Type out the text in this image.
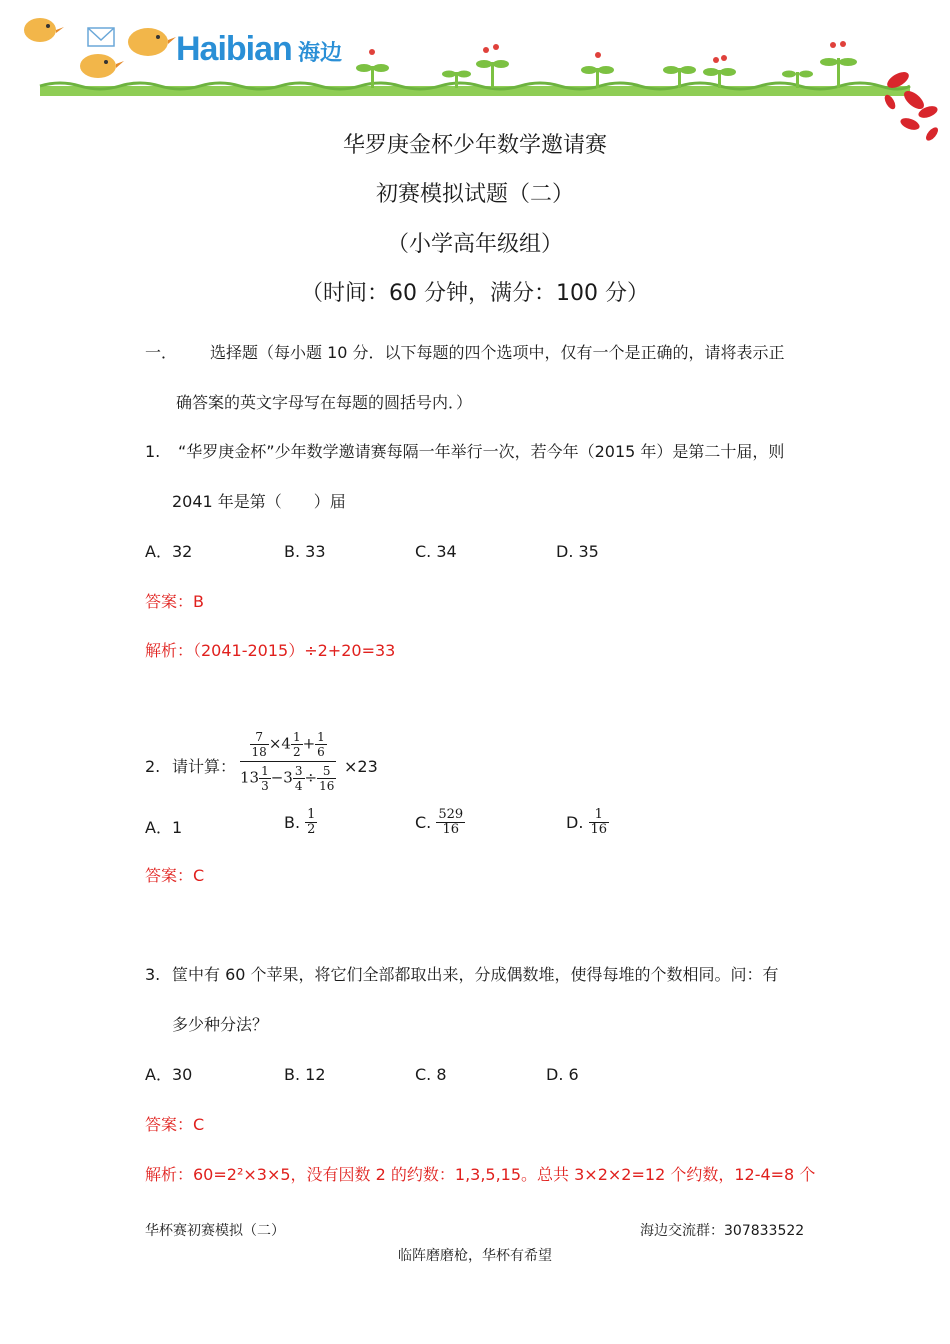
Haibian 海边
华罗庚金杯少年数学邀请赛
初赛模拟试题（二）
（小学高年级组）
（时间：60 分钟，满分：100 分）
一． 选择题（每小题 10 分．以下每题的四个选项中，仅有一个是正确的，请将表示正
确答案的英文字母写在每题的圆括号内．）
1. “华罗庚金杯”少年数学邀请赛每隔一年举行一次，若今年（2015 年）是第二十届，则
2041 年是第（　　）届
A．32	B. 33	C. 34	D. 35
答案：B
解析：（2041-2015）÷2+20=33
2. 请计算： $\frac{\frac{7}{18} \times 4 \frac{1}{2} + \frac{1}{6}}{13 \frac{1}{3} -3 \frac{3}{4} \div \frac{5}{16}} \times 23$
A．1	B. $\frac{1}{2}$	C. $\frac{529}{16}$	D. $\frac{1}{16}$
答案：C
3. 筐中有 60 个苹果，将它们全部都取出来，分成偶数堆，使得每堆的个数相同。问：有
多少种分法？
A．30	B. 12	C. 8	D. 6
答案：C
解析：60=2²×3×5，没有因数 2 的约数：1,3,5,15。总共 3×2×2=12 个约数，12-4=8 个
华杯赛初赛模拟（二）	海边交流群：307833522
临阵磨磨枪，华杯有希望
